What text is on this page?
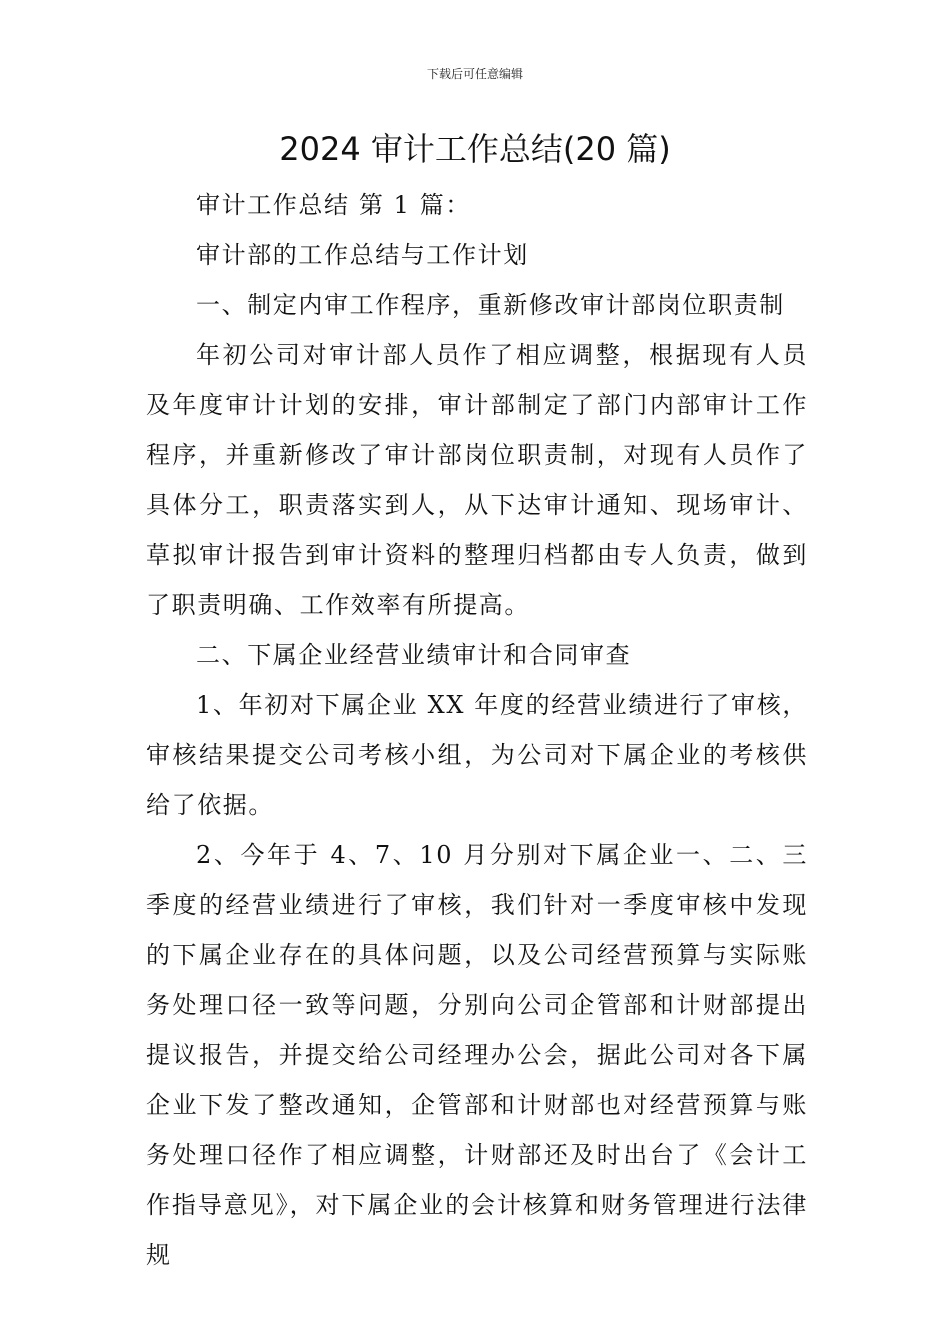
下载后可任意编辑
2024 审计工作总结(20 篇)

审计工作总结 第 1 篇：

审计部的工作总结与工作计划

一、制定内审工作程序，重新修改审计部岗位职责制

年初公司对审计部人员作了相应调整，根据现有人员及年度审计计划的安排，审计部制定了部门内部审计工作程序，并重新修改了审计部岗位职责制，对现有人员作了具体分工，职责落实到人，从下达审计通知、现场审计、草拟审计报告到审计资料的整理归档都由专人负责，做到了职责明确、工作效率有所提高。

二、下属企业经营业绩审计和合同审查

1、年初对下属企业 XX 年度的经营业绩进行了审核，审核结果提交公司考核小组，为公司对下属企业的考核供给了依据。

2、今年于 4、7、10 月分别对下属企业一、二、三季度的经营业绩进行了审核，我们针对一季度审核中发现的下属企业存在的具体问题，以及公司经营预算与实际账务处理口径一致等问题，分别向公司企管部和计财部提出提议报告，并提交给公司经理办公会，据此公司对各下属企业下发了整改通知，企管部和计财部也对经营预算与账务处理口径作了相应调整，计财部还及时出台了《会计工作指导意见》，对下属企业的会计核算和财务管理进行法律规
